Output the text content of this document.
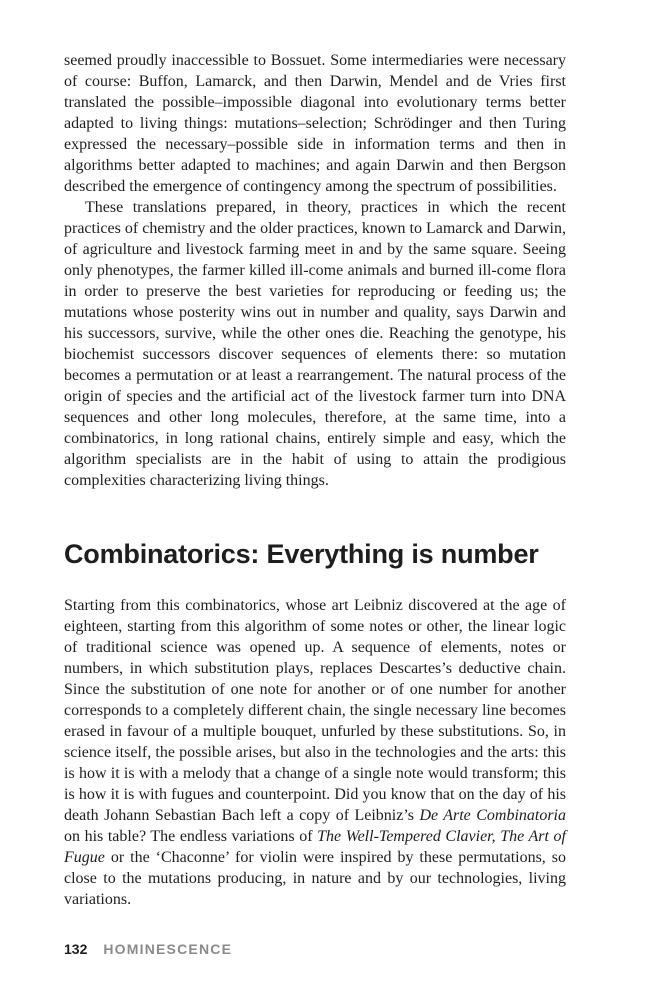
seemed proudly inaccessible to Bossuet. Some intermediaries were necessary of course: Buffon, Lamarck, and then Darwin, Mendel and de Vries first translated the possible–impossible diagonal into evolutionary terms better adapted to living things: mutations–selection; Schrödinger and then Turing expressed the necessary–possible side in information terms and then in algorithms better adapted to machines; and again Darwin and then Bergson described the emergence of contingency among the spectrum of possibilities.

These translations prepared, in theory, practices in which the recent practices of chemistry and the older practices, known to Lamarck and Darwin, of agriculture and livestock farming meet in and by the same square. Seeing only phenotypes, the farmer killed ill-come animals and burned ill-come flora in order to preserve the best varieties for reproducing or feeding us; the mutations whose posterity wins out in number and quality, says Darwin and his successors, survive, while the other ones die. Reaching the genotype, his biochemist successors discover sequences of elements there: so mutation becomes a permutation or at least a rearrangement. The natural process of the origin of species and the artificial act of the livestock farmer turn into DNA sequences and other long molecules, therefore, at the same time, into a combinatorics, in long rational chains, entirely simple and easy, which the algorithm specialists are in the habit of using to attain the prodigious complexities characterizing living things.

Combinatorics: Everything is number

Starting from this combinatorics, whose art Leibniz discovered at the age of eighteen, starting from this algorithm of some notes or other, the linear logic of traditional science was opened up. A sequence of elements, notes or numbers, in which substitution plays, replaces Descartes’s deductive chain. Since the substitution of one note for another or of one number for another corresponds to a completely different chain, the single necessary line becomes erased in favour of a multiple bouquet, unfurled by these substitutions. So, in science itself, the possible arises, but also in the technologies and the arts: this is how it is with a melody that a change of a single note would transform; this is how it is with fugues and counterpoint. Did you know that on the day of his death Johann Sebastian Bach left a copy of Leibniz’s De Arte Combinatoria on his table? The endless variations of The Well-Tempered Clavier, The Art of Fugue or the ‘Chaconne’ for violin were inspired by these permutations, so close to the mutations producing, in nature and by our technologies, living variations.

132 HOMINESCENCE
